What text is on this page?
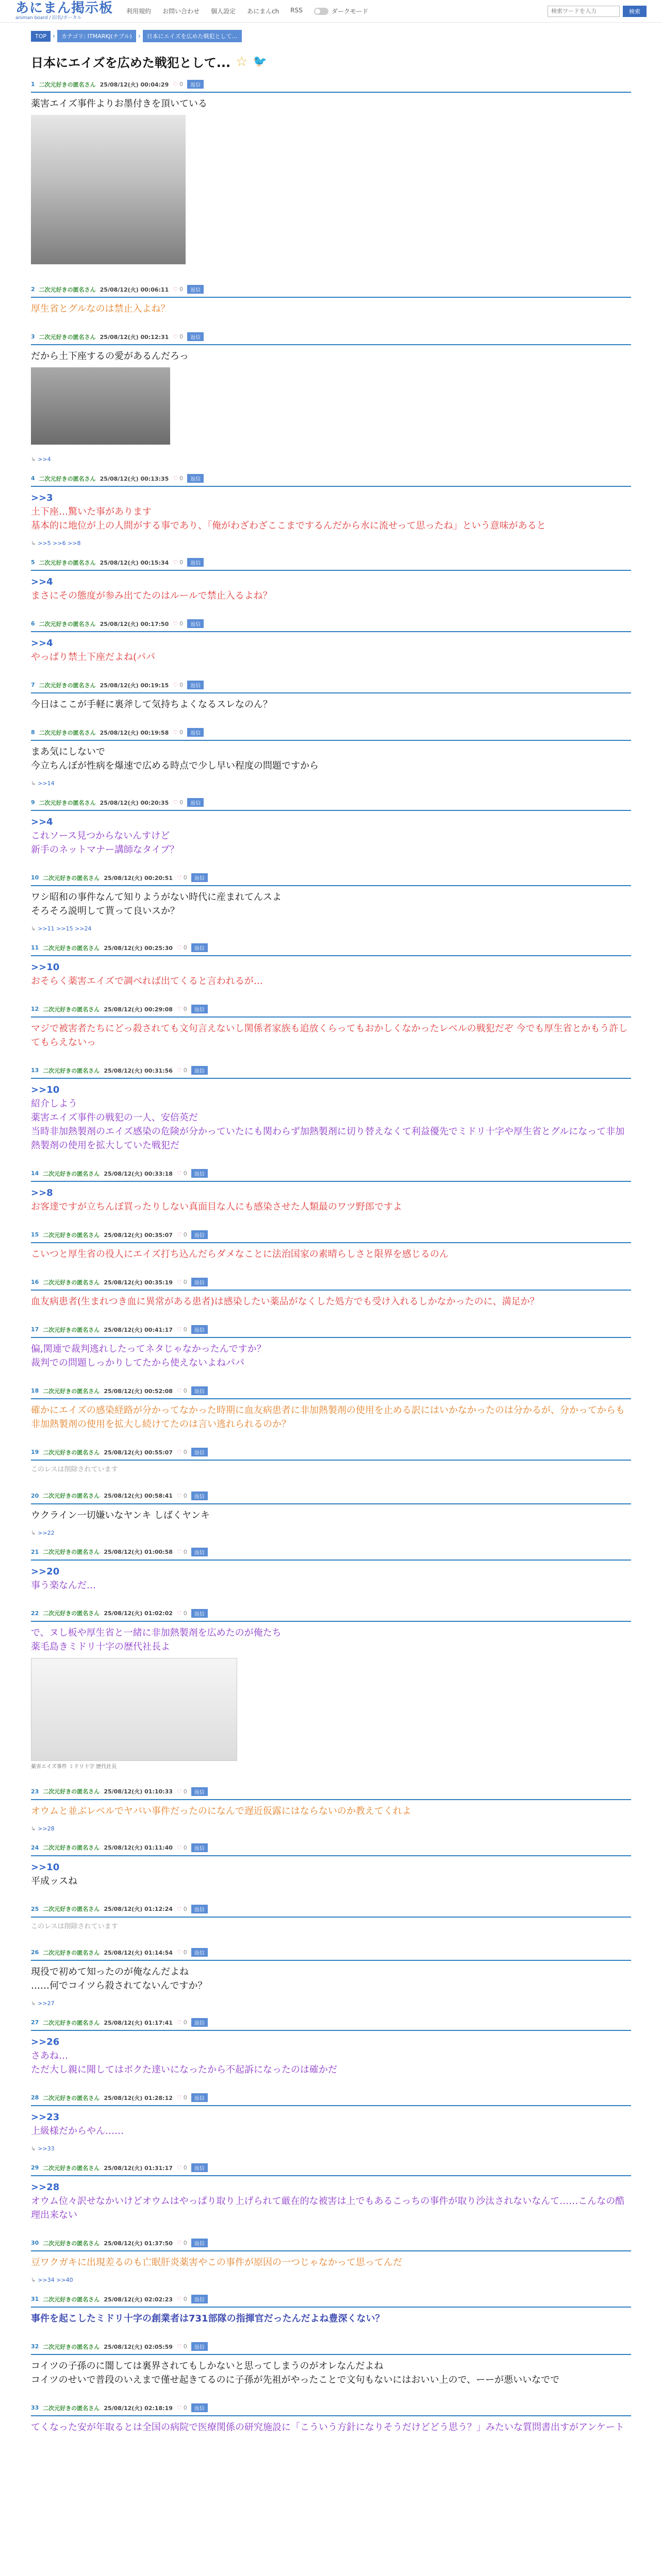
あにまん掲示板
animan board / 旧名/ポータル
利用規約 お問い合わせ 個人設定 あにまんch RSS	ダークモード
検索ワードを入力	検索
TOP	›	カテゴリ: ITMARKJ(チプル)	›	日本にエイズを広めた戦犯として…
日本にエイズを広めた戦犯として... ☆ 🐦
1 二次元好きの匿名さん 25/08/12(火) 00:04:29 ♡ 0	返信
薬害エイズ事件よりお墨付きを頂いている
2 二次元好きの匿名さん 25/08/12(火) 00:06:11 ♡ 0	返信
厚生省とグルなのは禁止入よね？
3 二次元好きの匿名さん 25/08/12(火) 00:12:31 ♡ 0	返信
だから土下座するの愛があるんだろっ
↳ >>4
4 二次元好きの匿名さん 25/08/12(火) 00:13:35 ♡ 0	返信
>>3
土下座…驚いた事があります
基本的に地位が上の人間がする事であり、「俺がわざわざここまでするんだから水に流せって思ったね」という意味があると
↳ >>5 >>6 >>8
5 二次元好きの匿名さん 25/08/12(火) 00:15:34 ♡ 0	返信
>>4
まさにその態度が参み出てたのはルールで禁止入るよね？
6 二次元好きの匿名さん 25/08/12(火) 00:17:50 ♡ 0	返信
>>4
やっぱり禁土下座だよね(パパ
7 二次元好きの匿名さん 25/08/12(火) 00:19:15 ♡ 0	返信
今日はここが手軽に裏斧して気持ちよくなるスレなのん？
8 二次元好きの匿名さん 25/08/12(火) 00:19:58 ♡ 0	返信
まあ気にしないで
今立ちんぼが性病を爆速で広める時点で少し早い程度の問題ですから
↳ >>14
9 二次元好きの匿名さん 25/08/12(火) 00:20:35 ♡ 0	返信
>>4
これソース見つからないんすけど
新手のネットマナー講師なタイプ？
10 二次元好きの匿名さん 25/08/12(火) 00:20:51 ♡ 0	返信
ワシ昭和の事件なんて知りようがない時代に産まれてんスよ
そろそろ説明して貰って良いスか？
↳ >>11 >>15 >>24
11 二次元好きの匿名さん 25/08/12(火) 00:25:30 ♡ 0	返信
>>10
おそらく薬害エイズで調べれば出てくると言われるが…
12 二次元好きの匿名さん 25/08/12(火) 00:29:08 ♡ 0	返信
マジで被害者たちにどっ殺されても文句言えないし関係者家族も追放くらってもおかしくなかったレベルの戦犯だぞ 今でも厚生省とかもう許してもらえないっ
13 二次元好きの匿名さん 25/08/12(火) 00:31:56 ♡ 0	返信
>>10
紹介しよう
薬害エイズ事件の戦犯の一人、安倍英だ
当時非加熱製剤のエイズ感染の危険が分かっていたにも関わらず加熱製剤に切り替えなくて利益優先でミドリ十字や厚生省とグルになって非加熱製剤の使用を拡大していた戦犯だ
14 二次元好きの匿名さん 25/08/12(火) 00:33:18 ♡ 0	返信
>>8
お客達ですが立ちんぼ買ったりしない真面目な人にも感染させた人類最のワツ野郎ですよ
15 二次元好きの匿名さん 25/08/12(火) 00:35:07 ♡ 0	返信
こいつと厚生省の役人にエイズ打ち込んだらダメなことに法治国家の素晴らしさと限界を感じるのん
16 二次元好きの匿名さん 25/08/12(火) 00:35:19 ♡ 0	返信
血友病患者(生まれつき血に異常がある患者)は感染したい薬品がなくした処方でも受け入れるしかなかったのに、満足か？
17 二次元好きの匿名さん 25/08/12(火) 00:41:17 ♡ 0	返信
偏,関連で裁判逃れしたってネタじゃなかったんですか？
裁判での問題しっかりしてたから使えないよねパパ
18 二次元好きの匿名さん 25/08/12(火) 00:52:08 ♡ 0	返信
確かにエイズの感染経路が分かってなかった時期に血友病患者に非加熱製剤の使用を止める訳にはいかなかったのは分かるが、分かってからも非加熱製剤の使用を拡大し続けてたのは言い逃れられるのか？
19 二次元好きの匿名さん 25/08/12(火) 00:55:07 ♡ 0	返信
このレスは削除されています
20 二次元好きの匿名さん 25/08/12(火) 00:58:41 ♡ 0	返信
ウクライン一切嫌いなヤンキ しばくヤンキ
↳ >>22
21 二次元好きの匿名さん 25/08/12(火) 01:00:58 ♡ 0	返信
>>20
事う楽なんだ…
22 二次元好きの匿名さん 25/08/12(火) 01:02:02 ♡ 0	返信
で、ヌし板や厚生省と一緒に非加熱製剤を広めたのが俺たち
薬毛島きミドリ十字の歴代社長よ
薬害エイズ事件 ミドリ十字 歴代社長
23 二次元好きの匿名さん 25/08/12(火) 01:10:33 ♡ 0	返信
オウムと並ぶレベルでヤバい事件だったのになんで遅近仮露にはならないのか教えてくれよ
↳ >>28
24 二次元好きの匿名さん 25/08/12(火) 01:11:40 ♡ 0	返信
>>10
平成ッスね
25 二次元好きの匿名さん 25/08/12(火) 01:12:24 ♡ 0	返信
このレスは削除されています
26 二次元好きの匿名さん 25/08/12(火) 01:14:54 ♡ 0	返信
現役で初めて知ったのが俺なんだよね
……何でコイツら殺されてないんですか？
↳ >>27
27 二次元好きの匿名さん 25/08/12(火) 01:17:41 ♡ 0	返信
>>26
さあね…
ただ大し親に聞してはボクた達いになったから不起訴になったのは確かだ
28 二次元好きの匿名さん 25/08/12(火) 01:28:12 ♡ 0	返信
>>23
上級様だからやん……
↳ >>33
29 二次元好きの匿名さん 25/08/12(火) 01:31:17 ♡ 0	返信
>>28
オウム位々訳せなかいけどオウムはやっぱり取り上げられて厳在的な被害は上でもあるこっちの事件が取り沙汰されないなんて……こんなの酷理出来ない
30 二次元好きの匿名さん 25/08/12(火) 01:37:50 ♡ 0	返信
豆ワクガキに出現差るのも亡眠肝炎薬害やこの事件が原因の一つじゃなかって思ってんだ
↳ >>34 >>40
31 二次元好きの匿名さん 25/08/12(火) 02:02:23 ♡ 0	返信
事件を起こしたミドリ十字の創業者は731部隊の指揮官だったんだよね豊深くない？
32 二次元好きの匿名さん 25/08/12(火) 02:05:59 ♡ 0	返信
コイツの子孫のに闇しては裏界されてもしかないと思ってしまうのがオレなんだよね
コイツのせいで普段のいえまで僅せ起きてるのに子孫が先祖がやったことで文句もないにはおいい上ので、ーーが悪いいなでで
33 二次元好きの匿名さん 25/08/12(火) 02:18:19 ♡ 0	返信
てくなった安が年取るとは全国の病院で医療関係の研究施設に「こういう方針になりそうだけどどう思う？」みたいな質問書出すがアンケート
